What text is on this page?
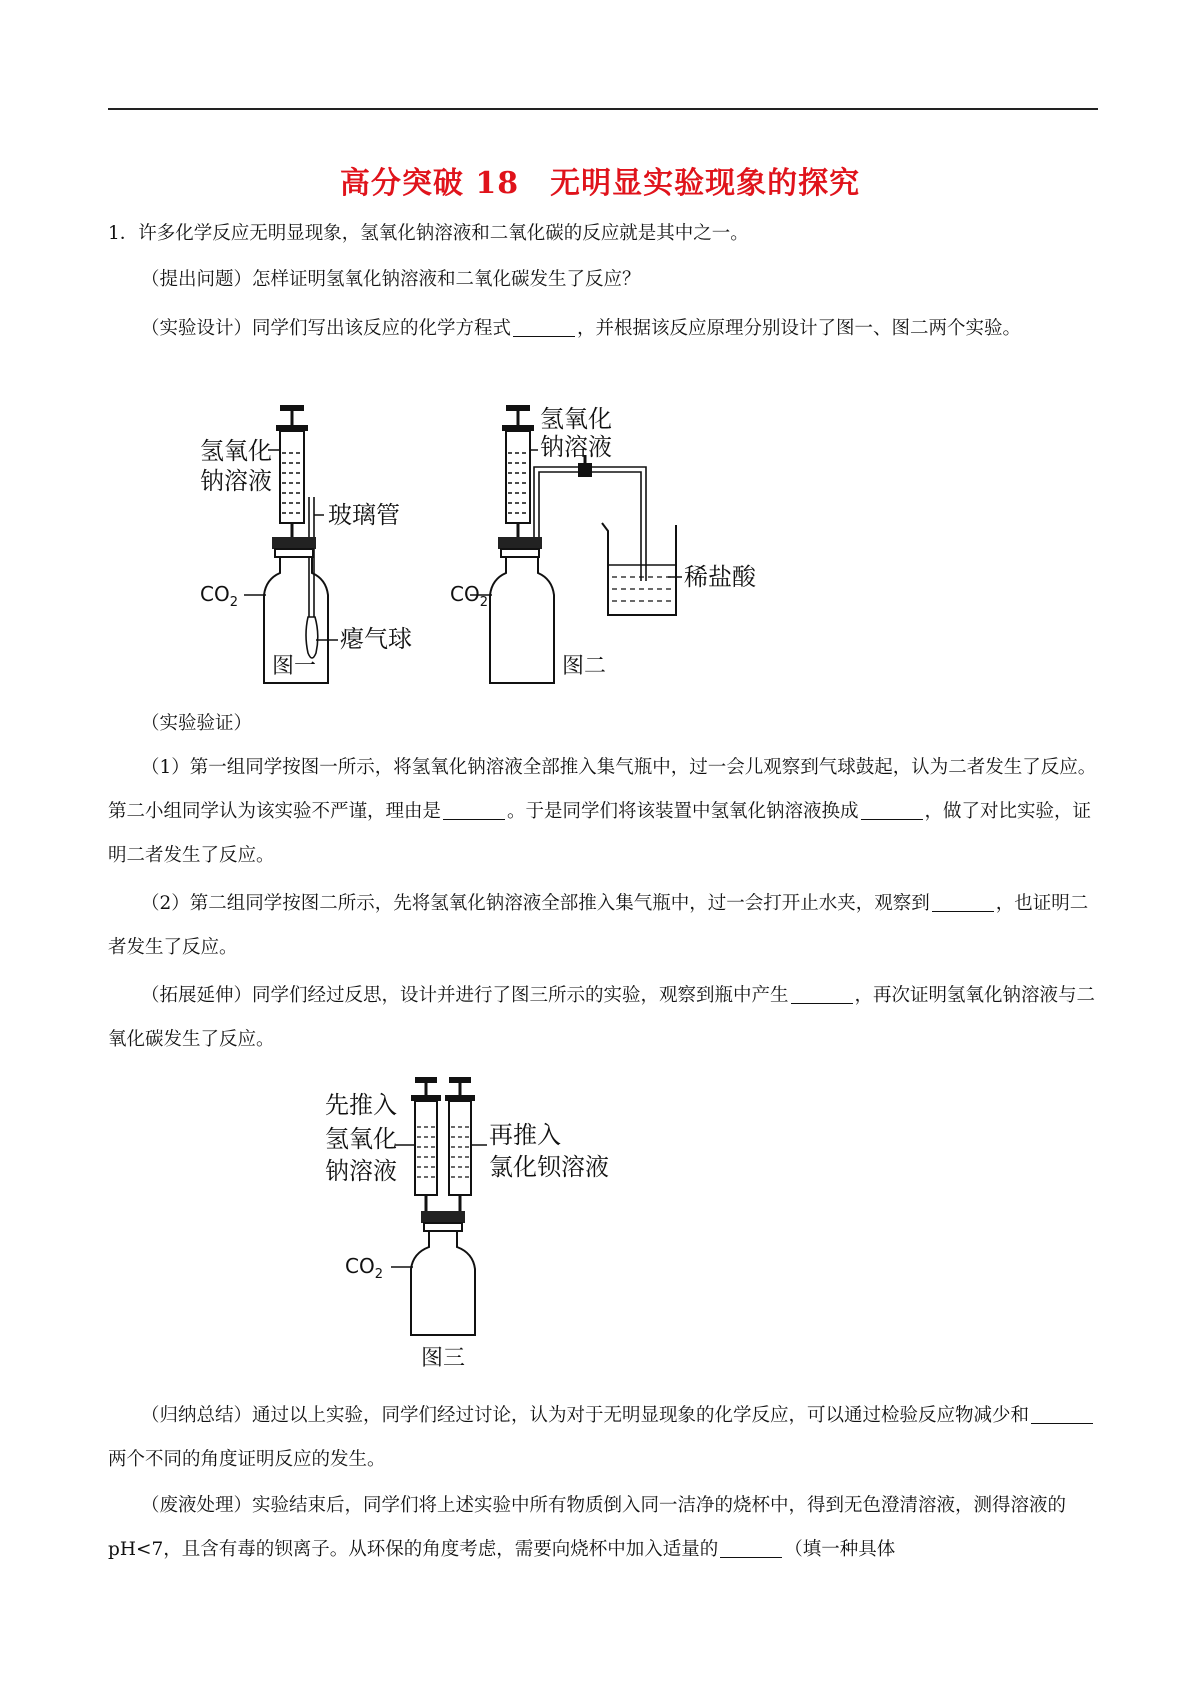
高分突破 18　无明显实验现象的探究

1．许多化学反应无明显现象，氢氧化钠溶液和二氧化碳的反应就是其中之一。

（提出问题）怎样证明氢氧化钠溶液和二氧化碳发生了反应？

（实验设计）同学们写出该反应的化学方程式	，并根据该反应原理分别设计了图一、图二两个实验。

氢氧化
钠溶液
玻璃管
$CO_2$
瘪气球
图一
氢氧化
钠溶液
$CO_2$
稀盐酸
图二

（实验验证）

（1）第一组同学按图一所示，将氢氧化钠溶液全部推入集气瓶中，过一会儿观察到气球鼓起，认为二者发生了反应。第二小组同学认为该实验不严谨，理由是	。于是同学们将该装置中氢氧化钠溶液换成	，做了对比实验，证明二者发生了反应。

（2）第二组同学按图二所示，先将氢氧化钠溶液全部推入集气瓶中，过一会打开止水夹，观察到	，也证明二者发生了反应。

（拓展延伸）同学们经过反思，设计并进行了图三所示的实验，观察到瓶中产生	，再次证明氢氧化钠溶液与二氧化碳发生了反应。

先推入
氢氧化
钠溶液
再推入
氯化钡溶液
$CO_2$
图三

（归纳总结）通过以上实验，同学们经过讨论，认为对于无明显现象的化学反应，可以通过检验反应物减少和两个不同的角度证明反应的发生。

（废液处理）实验结束后，同学们将上述实验中所有物质倒入同一洁净的烧杯中，得到无色澄清溶液，测得溶液的 pH<7，且含有毒的钡离子。从环保的角度考虑，需要向烧杯中加入适量的	（填一种具体
